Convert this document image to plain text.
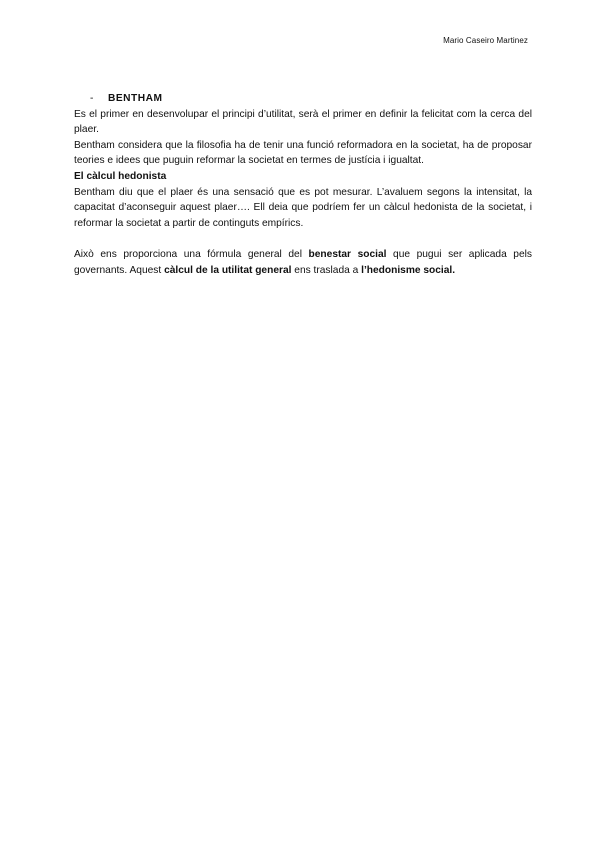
Mario Caseiro Martinez
-	BENTHAM

Es el primer en desenvolupar el principi d’utilitat, serà el primer en definir la felicitat com la cerca del plaer.

Bentham considera que la filosofia ha de tenir una funció reformadora en la societat, ha de proposar teories e idees que puguin reformar la societat en termes de justícia i igualtat.

El càlcul hedonista

Bentham diu que el plaer és una sensació que es pot mesurar. L’avaluem segons la intensitat, la capacitat d’aconseguir aquest plaer…. Ell deia que podríem fer un càlcul hedonista de la societat, i reformar la societat a partir de continguts empírics.

Això ens proporciona una fórmula general del benestar social que pugui ser aplicada pels governants. Aquest càlcul de la utilitat general ens traslada a l’hedonisme social.
